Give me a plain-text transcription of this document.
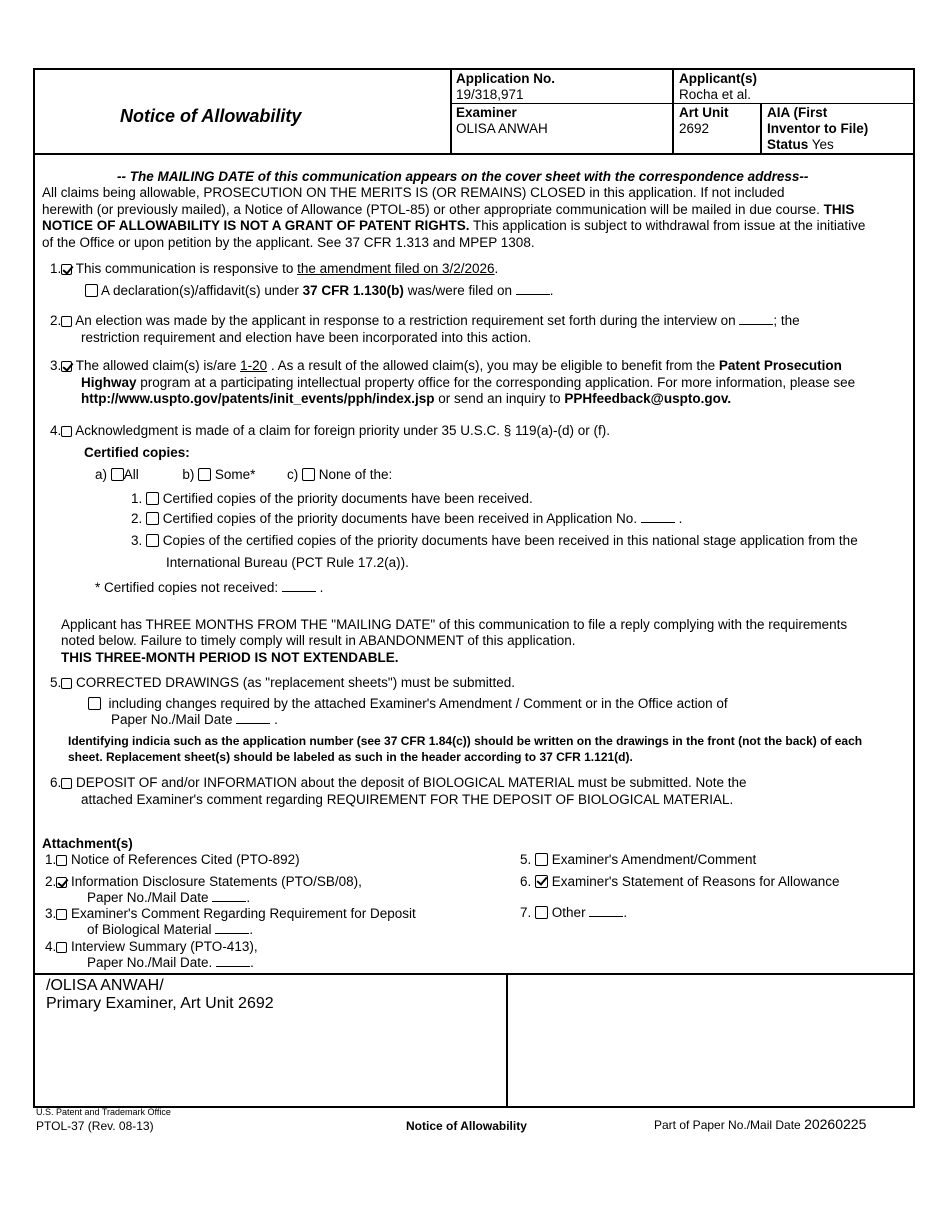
Notice of Allowability
Application No.
19/318,971
Applicant(s)
Rocha et al.
Examiner
OLISA ANWAH
Art Unit
2692
AIA (First
Inventor to File)
Status Yes
-- The MAILING DATE of this communication appears on the cover sheet with the correspondence address--
All claims being allowable, PROSECUTION ON THE MERITS IS (OR REMAINS) CLOSED in this application. If not included
herewith (or previously mailed), a Notice of Allowance (PTOL-85) or other appropriate communication will be mailed in due course. THIS
NOTICE OF ALLOWABILITY IS NOT A GRANT OF PATENT RIGHTS. This application is subject to withdrawal from issue at the initiative
of the Office or upon petition by the applicant. See 37 CFR 1.313 and MPEP 1308.
1. This communication is responsive to the amendment filed on 3/2/2026.
A declaration(s)/affidavit(s) under 37 CFR 1.130(b) was/were filed on	.
2. An election was made by the applicant in response to a restriction requirement set forth during the interview on	; the
restriction requirement and election have been incorporated into this action.
3. The allowed claim(s) is/are 1-20 . As a result of the allowed claim(s), you may be eligible to benefit from the Patent Prosecution
Highway program at a participating intellectual property office for the corresponding application. For more information, please see
http://www.uspto.gov/patents/init_events/pph/index.jsp or send an inquiry to PPHfeedback@uspto.gov.
4. Acknowledgment is made of a claim for foreign priority under 35 U.S.C. § 119(a)-(d) or (f).
Certified copies:
a) All	b) Some* c) None of the:
1. Certified copies of the priority documents have been received.
2. Certified copies of the priority documents have been received in Application No.	.
3. Copies of the certified copies of the priority documents have been received in this national stage application from the
International Bureau (PCT Rule 17.2(a)).
* Certified copies not received:	.
Applicant has THREE MONTHS FROM THE "MAILING DATE" of this communication to file a reply complying with the requirements
noted below. Failure to timely comply will result in ABANDONMENT of this application.
THIS THREE-MONTH PERIOD IS NOT EXTENDABLE.
5. CORRECTED DRAWINGS (as "replacement sheets") must be submitted.
including changes required by the attached Examiner's Amendment / Comment or in the Office action of
Paper No./Mail Date	.
Identifying indicia such as the application number (see 37 CFR 1.84(c)) should be written on the drawings in the front (not the back) of each
sheet. Replacement sheet(s) should be labeled as such in the header according to 37 CFR 1.121(d).
6. DEPOSIT OF and/or INFORMATION about the deposit of BIOLOGICAL MATERIAL must be submitted. Note the
attached Examiner's comment regarding REQUIREMENT FOR THE DEPOSIT OF BIOLOGICAL MATERIAL.
Attachment(s)
1. Notice of References Cited (PTO-892)
2. Information Disclosure Statements (PTO/SB/08),
Paper No./Mail Date	.
3. Examiner's Comment Regarding Requirement for Deposit
of Biological Material	.
4. Interview Summary (PTO-413),
Paper No./Mail Date.	.
5. Examiner's Amendment/Comment
6. Examiner's Statement of Reasons for Allowance
7. Other	.
/OLISA ANWAH/
Primary Examiner, Art Unit 2692
U.S. Patent and Trademark Office
PTOL-37 (Rev. 08-13)	Notice of Allowability	Part of Paper No./Mail Date 20260225
